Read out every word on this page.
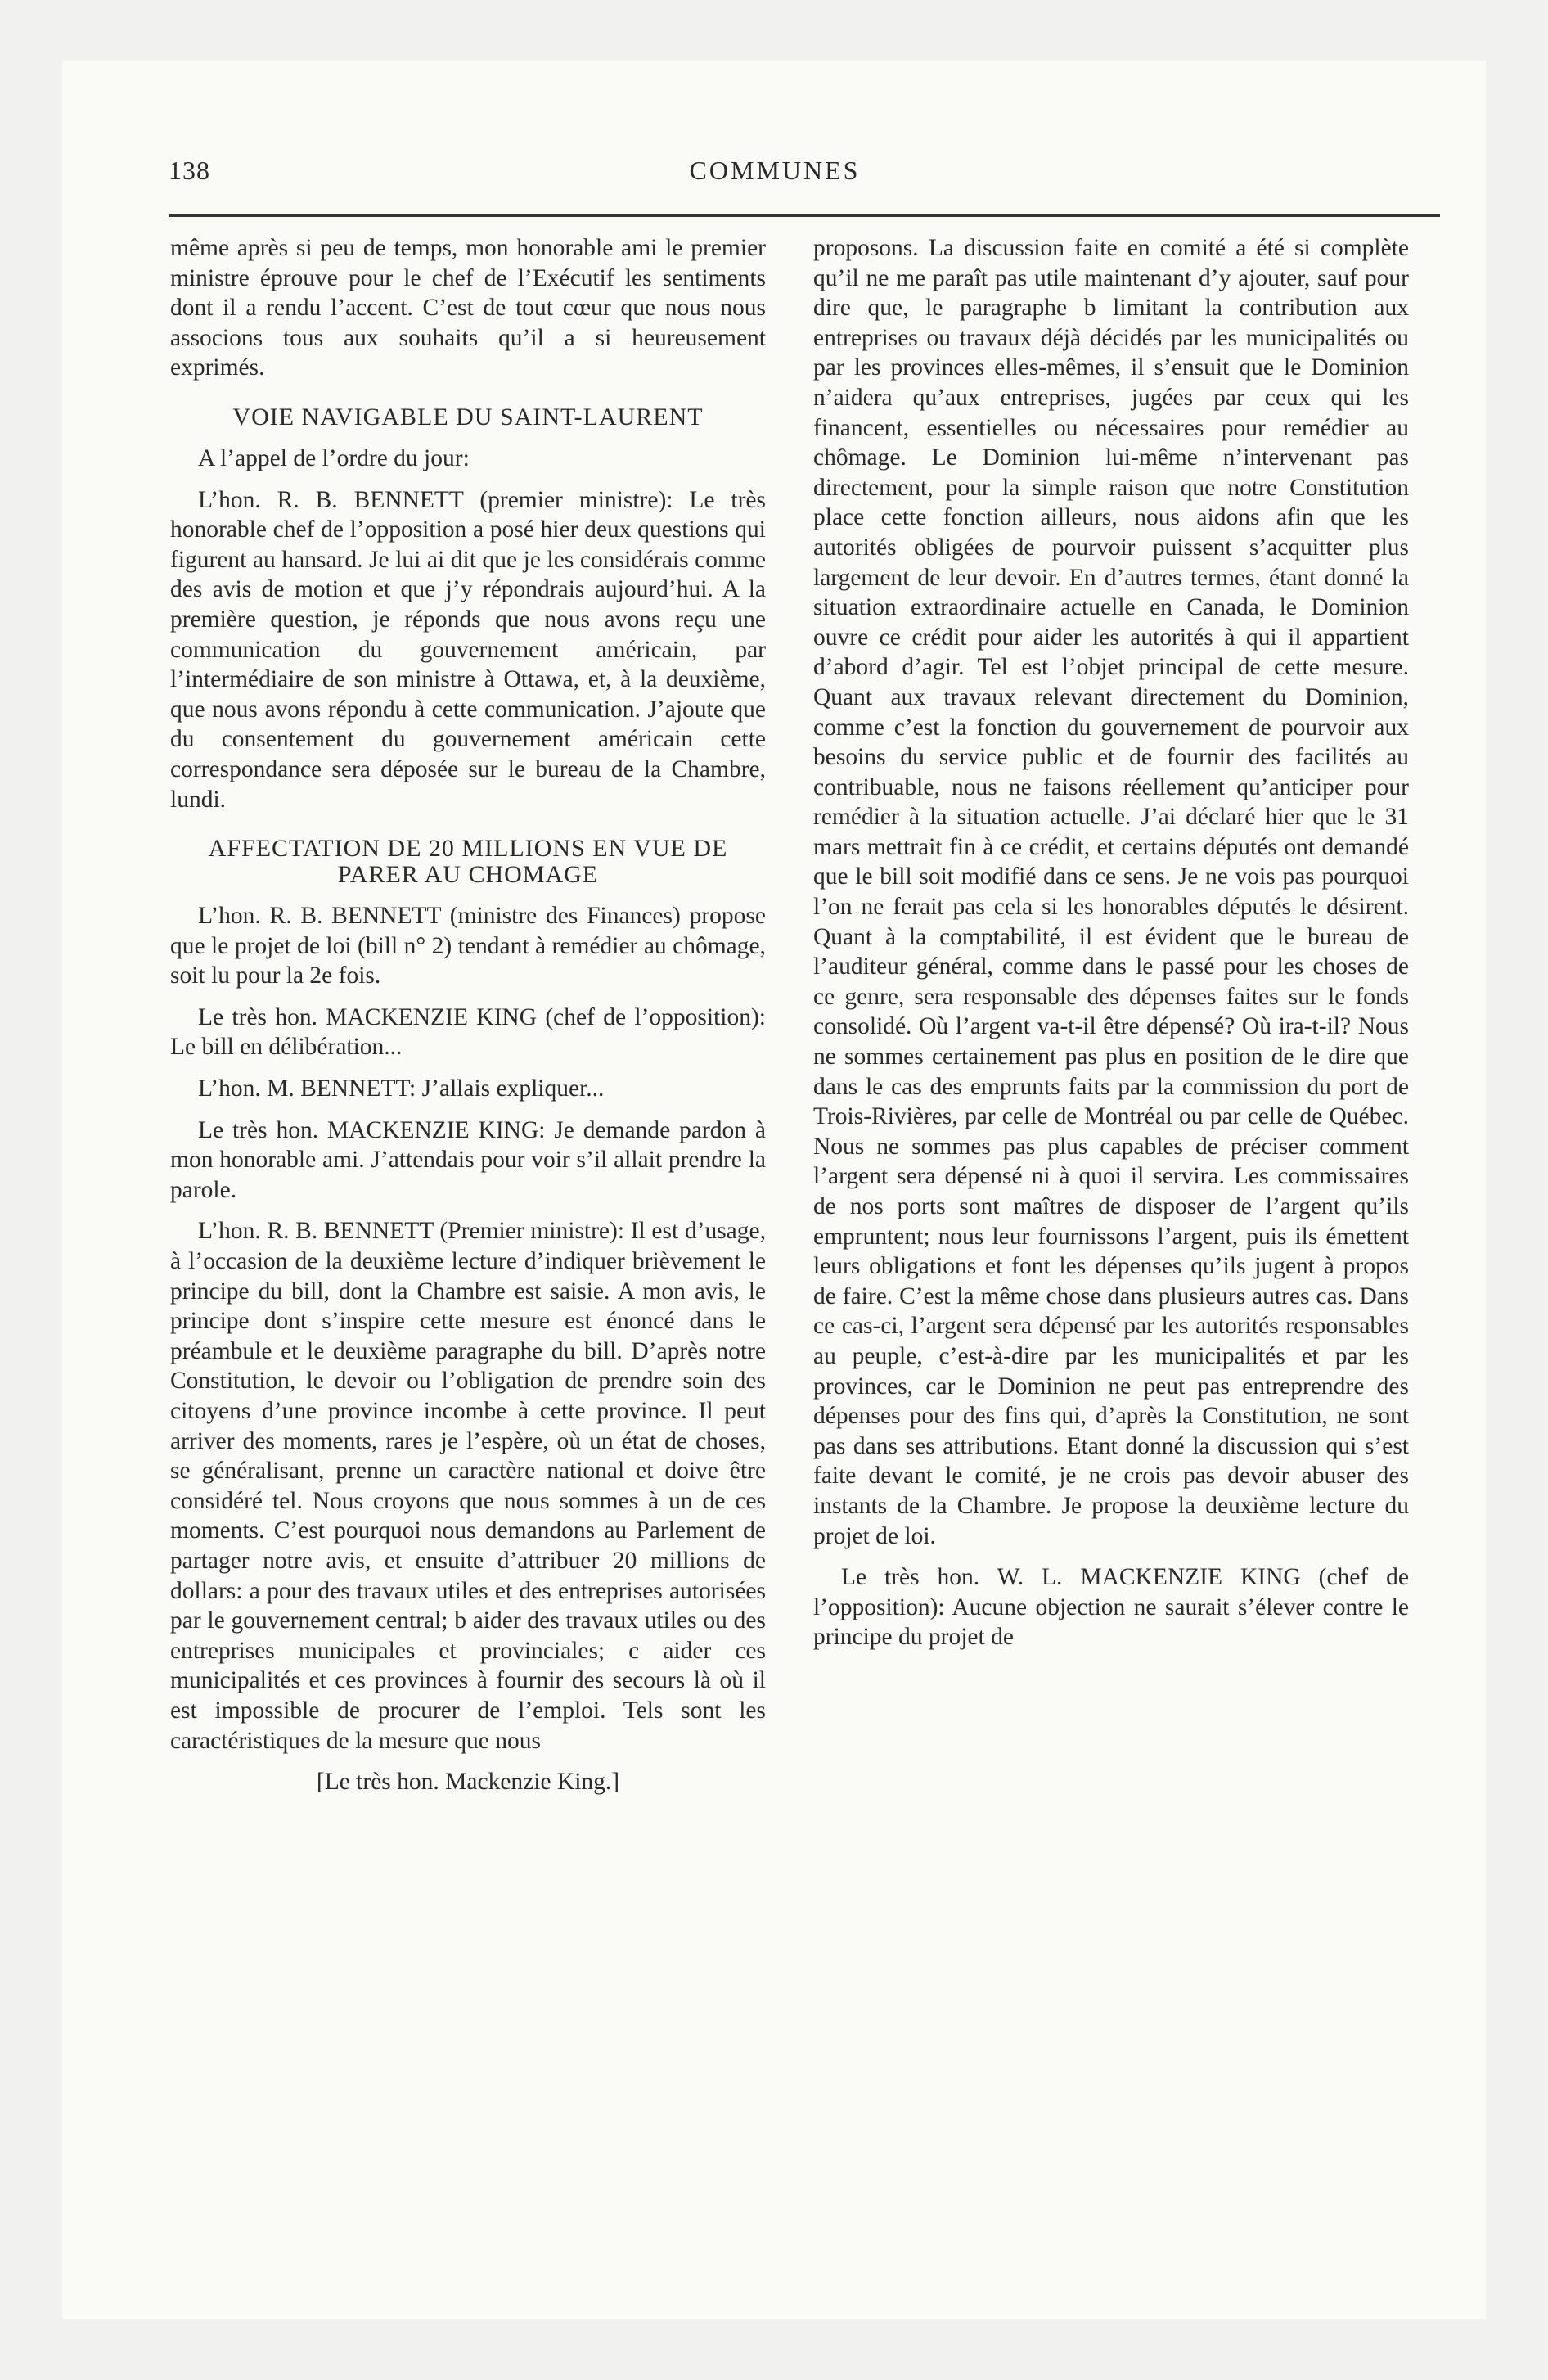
138	COMMUNES

même après si peu de temps, mon honorable ami le premier ministre éprouve pour le chef de l’Exécutif les sentiments dont il a rendu l’accent. C’est de tout cœur que nous nous associons tous aux souhaits qu’il a si heureusement exprimés.

VOIE NAVIGABLE DU SAINT-LAURENT

A l’appel de l’ordre du jour:

L’hon. R. B. BENNETT (premier ministre): Le très honorable chef de l’opposition a posé hier deux questions qui figurent au hansard. Je lui ai dit que je les considérais comme des avis de motion et que j’y répondrais aujourd’hui. A la première question, je réponds que nous avons reçu une communication du gouvernement américain, par l’intermédiaire de son ministre à Ottawa, et, à la deuxième, que nous avons répondu à cette communication. J’ajoute que du consentement du gouvernement américain cette correspondance sera déposée sur le bureau de la Chambre, lundi.

AFFECTATION DE 20 MILLIONS EN VUE DE PARER AU CHOMAGE

L’hon. R. B. BENNETT (ministre des Finances) propose que le projet de loi (bill n° 2) tendant à remédier au chômage, soit lu pour la 2e fois.

Le très hon. MACKENZIE KING (chef de l’opposition): Le bill en délibération...

L’hon. M. BENNETT: J’allais expliquer...

Le très hon. MACKENZIE KING: Je demande pardon à mon honorable ami. J’attendais pour voir s’il allait prendre la parole.

L’hon. R. B. BENNETT (Premier ministre): Il est d’usage, à l’occasion de la deuxième lecture d’indiquer brièvement le principe du bill, dont la Chambre est saisie. A mon avis, le principe dont s’inspire cette mesure est énoncé dans le préambule et le deuxième paragraphe du bill. D’après notre Constitution, le devoir ou l’obligation de prendre soin des citoyens d’une province incombe à cette province. Il peut arriver des moments, rares je l’espère, où un état de choses, se généralisant, prenne un caractère national et doive être considéré tel. Nous croyons que nous sommes à un de ces moments. C’est pourquoi nous demandons au Parlement de partager notre avis, et ensuite d’attribuer 20 millions de dollars: a pour des travaux utiles et des entreprises autorisées par le gouvernement central; b aider des travaux utiles ou des entreprises municipales et provinciales; c aider ces municipalités et ces provinces à fournir des secours là où il est impossible de procurer de l’emploi. Tels sont les caractéristiques de la mesure que nous

[Le très hon. Mackenzie King.]

proposons. La discussion faite en comité a été si complète qu’il ne me paraît pas utile maintenant d’y ajouter, sauf pour dire que, le paragraphe b limitant la contribution aux entreprises ou travaux déjà décidés par les municipalités ou par les provinces elles-mêmes, il s’ensuit que le Dominion n’aidera qu’aux entreprises, jugées par ceux qui les financent, essentielles ou nécessaires pour remédier au chômage. Le Dominion lui-même n’intervenant pas directement, pour la simple raison que notre Constitution place cette fonction ailleurs, nous aidons afin que les autorités obligées de pourvoir puissent s’acquitter plus largement de leur devoir. En d’autres termes, étant donné la situation extraordinaire actuelle en Canada, le Dominion ouvre ce crédit pour aider les autorités à qui il appartient d’abord d’agir. Tel est l’objet principal de cette mesure. Quant aux travaux relevant directement du Dominion, comme c’est la fonction du gouvernement de pourvoir aux besoins du service public et de fournir des facilités au contribuable, nous ne faisons réellement qu’anticiper pour remédier à la situation actuelle. J’ai déclaré hier que le 31 mars mettrait fin à ce crédit, et certains députés ont demandé que le bill soit modifié dans ce sens. Je ne vois pas pourquoi l’on ne ferait pas cela si les honorables députés le désirent. Quant à la comptabilité, il est évident que le bureau de l’auditeur général, comme dans le passé pour les choses de ce genre, sera responsable des dépenses faites sur le fonds consolidé. Où l’argent va-t-il être dépensé? Où ira-t-il? Nous ne sommes certainement pas plus en position de le dire que dans le cas des emprunts faits par la commission du port de Trois-Rivières, par celle de Montréal ou par celle de Québec. Nous ne sommes pas plus capables de préciser comment l’argent sera dépensé ni à quoi il servira. Les commissaires de nos ports sont maîtres de disposer de l’argent qu’ils empruntent; nous leur fournissons l’argent, puis ils émettent leurs obligations et font les dépenses qu’ils jugent à propos de faire. C’est la même chose dans plusieurs autres cas. Dans ce cas-ci, l’argent sera dépensé par les autorités responsables au peuple, c’est-à-dire par les municipalités et par les provinces, car le Dominion ne peut pas entreprendre des dépenses pour des fins qui, d’après la Constitution, ne sont pas dans ses attributions. Etant donné la discussion qui s’est faite devant le comité, je ne crois pas devoir abuser des instants de la Chambre. Je propose la deuxième lecture du projet de loi.

Le très hon. W. L. MACKENZIE KING (chef de l’opposition): Aucune objection ne saurait s’élever contre le principe du projet de
